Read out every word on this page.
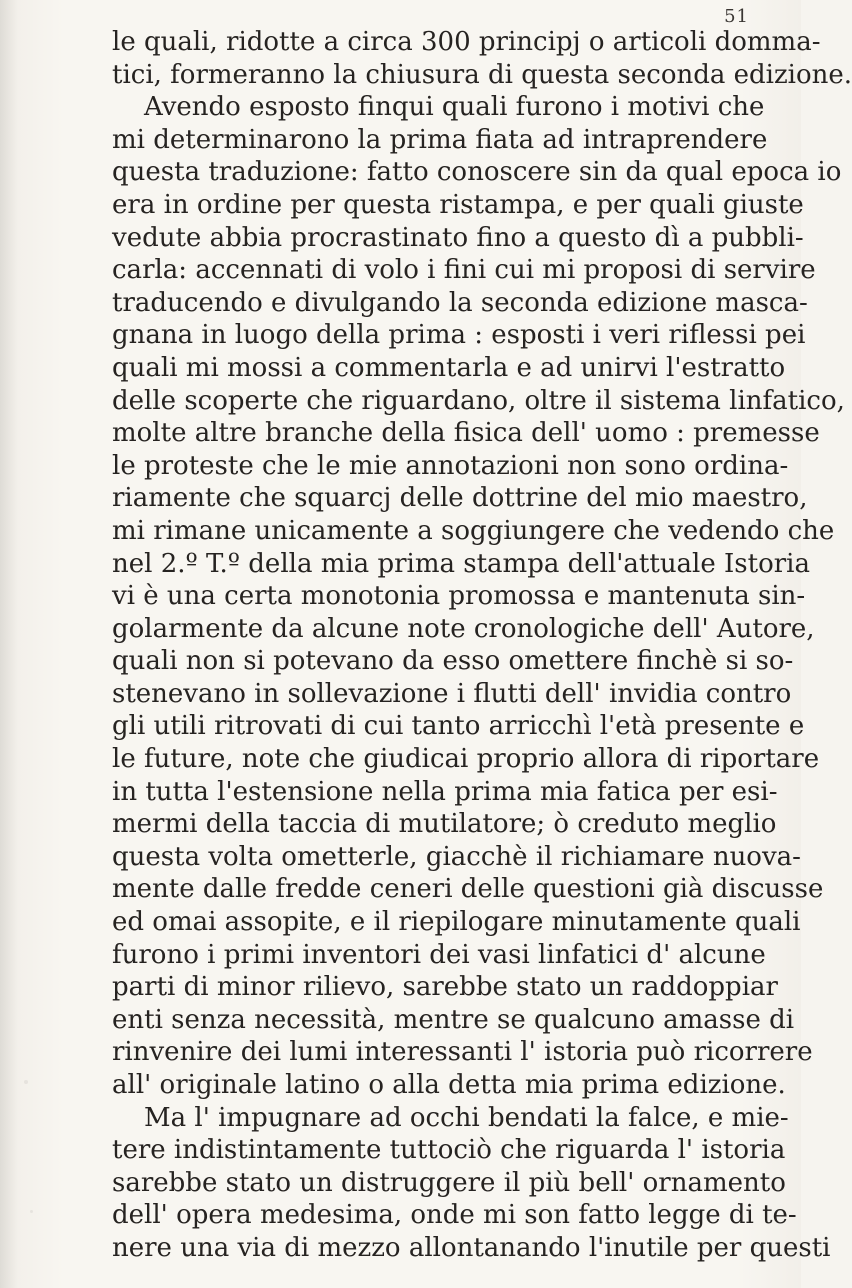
51
le quali, ridotte a circa 300 principj o articoli domma-
tici, formeranno la chiusura di questa seconda edizione.
Avendo esposto finqui quali furono i motivi che
mi determinarono la prima fiata ad intraprendere
questa traduzione: fatto conoscere sin da qual epoca io
era in ordine per questa ristampa, e per quali giuste
vedute abbia procrastinato fino a questo dì a pubbli-
carla: accennati di volo i fini cui mi proposi di servire
traducendo e divulgando la seconda edizione masca-
gnana in luogo della prima : esposti i veri riflessi pei
quali mi mossi a commentarla e ad unirvi l'estratto
delle scoperte che riguardano, oltre il sistema linfatico,
molte altre branche della fisica dell' uomo : premesse
le proteste che le mie annotazioni non sono ordina-
riamente che squarcj delle dottrine del mio maestro,
mi rimane unicamente a soggiungere che vedendo che
nel 2.º T.º della mia prima stampa dell'attuale Istoria
vi è una certa monotonia promossa e mantenuta sin-
golarmente da alcune note cronologiche dell' Autore,
quali non si potevano da esso omettere finchè si so-
stenevano in sollevazione i flutti dell' invidia contro
gli utili ritrovati di cui tanto arricchì l'età presente e
le future, note che giudicai proprio allora di riportare
in tutta l'estensione nella prima mia fatica per esi-
mermi della taccia di mutilatore; ò creduto meglio
questa volta ometterle, giacchè il richiamare nuova-
mente dalle fredde ceneri delle questioni già discusse
ed omai assopite, e il riepilogare minutamente quali
furono i primi inventori dei vasi linfatici d' alcune
parti di minor rilievo, sarebbe stato un raddoppiar
enti senza necessità, mentre se qualcuno amasse di
rinvenire dei lumi interessanti l' istoria può ricorrere
all' originale latino o alla detta mia prima edizione.
Ma l' impugnare ad occhi bendati la falce, e mie-
tere indistintamente tuttociò che riguarda l' istoria
sarebbe stato un distruggere il più bell' ornamento
dell' opera medesima, onde mi son fatto legge di te-
nere una via di mezzo allontanando l'inutile per questi
